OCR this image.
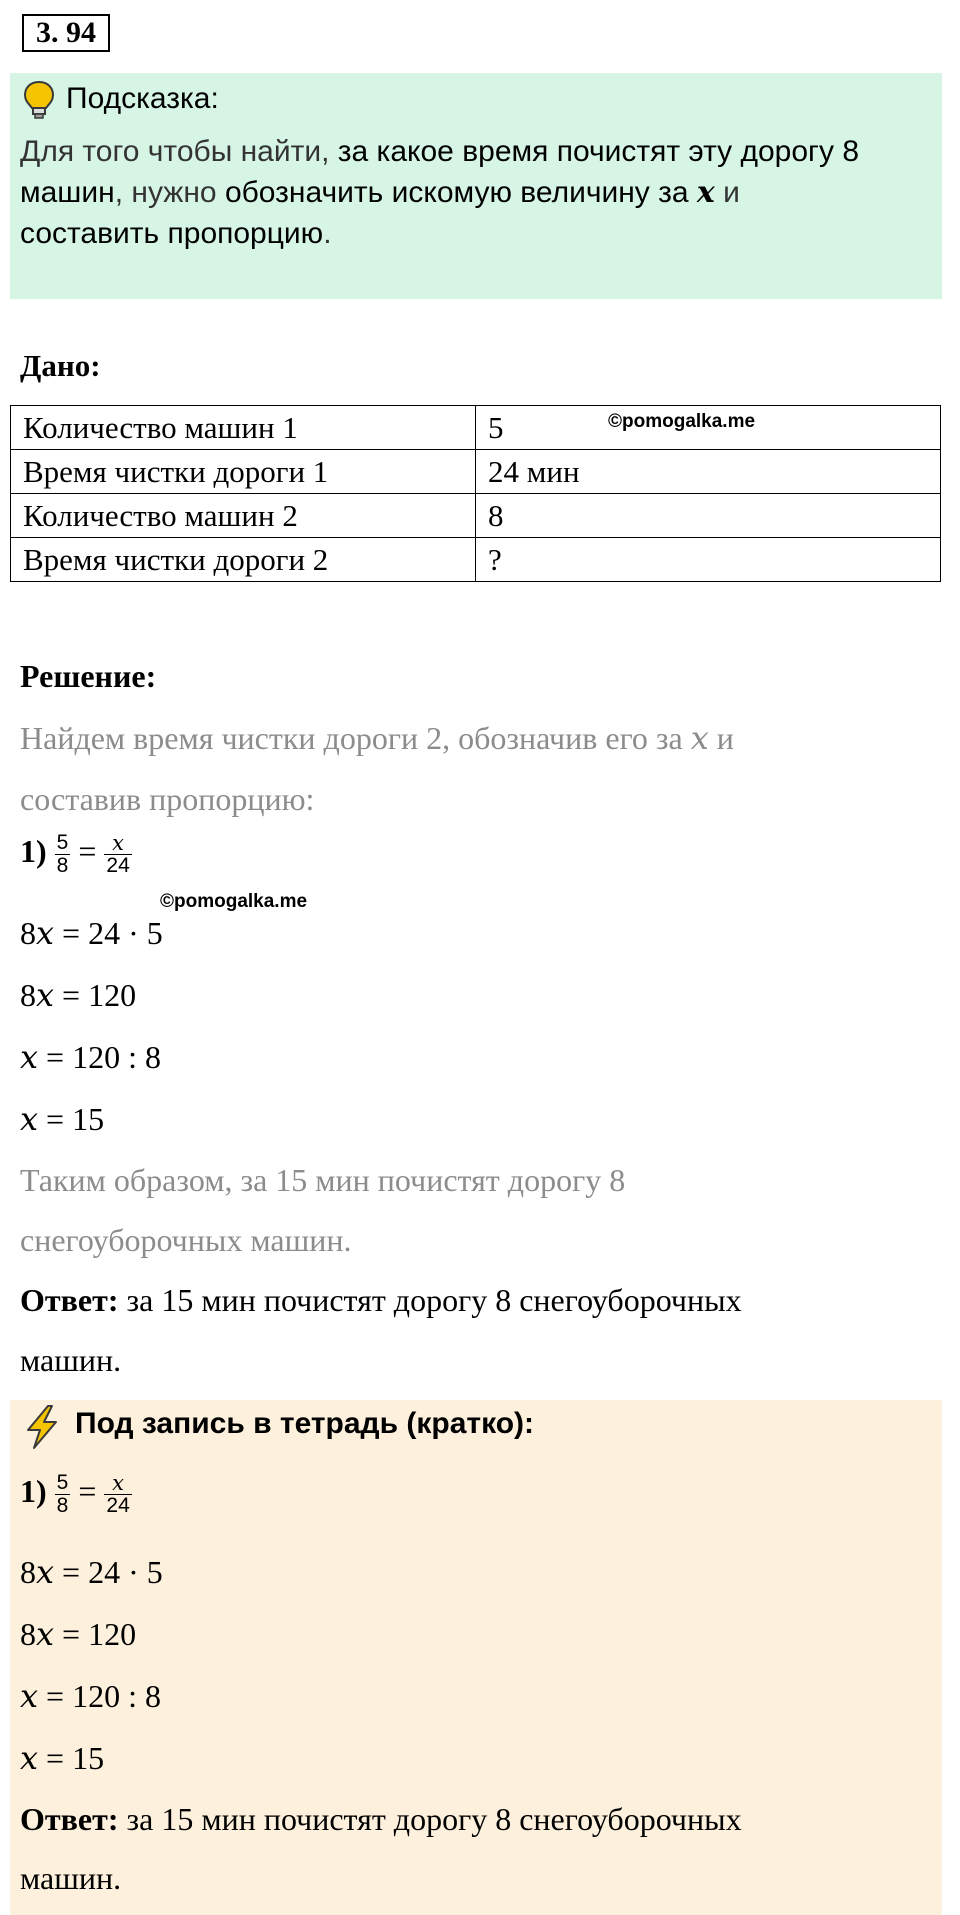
3. 94
Подсказка:
Для того чтобы найти, за какое время почистят эту дорогу 8
машин, нужно обозначить искомую величину за x и
составить пропорцию.
Дано:
Количество машин 1	5
Время чистки дороги 1	24 мин
Количество машин 2	8
Время чистки дороги 2	?
©pomogalka.me
Решение:
Найдем время чистки дороги 2, обозначив его за x и
составив пропорцию:
$1) \frac{5}{8} = \frac{x}{24}$
©pomogalka.me
8x = 24 · 5
8x = 120
x = 120 : 8
x = 15
Таким образом, за 15 мин почистят дорогу 8
снегоуборочных машин.
Ответ: за 15 мин почистят дорогу 8 снегоуборочных
машин.
Под запись в тетрадь (кратко):
$1) \frac{5}{8} = \frac{x}{24}$
8x = 24 · 5
8x = 120
x = 120 : 8
x = 15
Ответ: за 15 мин почистят дорогу 8 снегоуборочных
машин.
